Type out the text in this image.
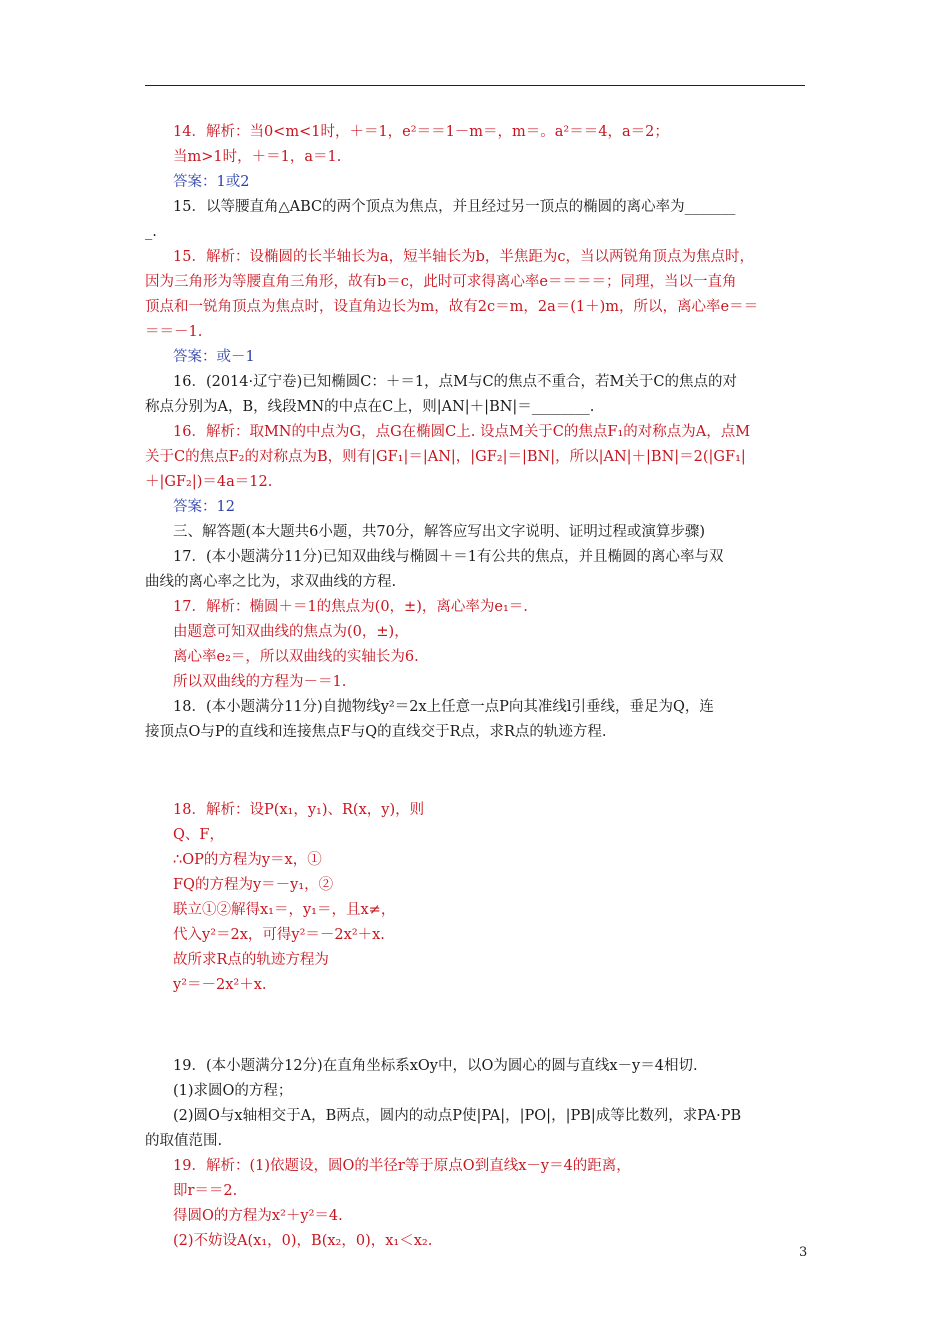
14．解析：当0<m<1时，＋＝1，e²＝＝1－m＝，m＝。a²＝＝4，a＝2；

当m>1时，＋＝1，a＝1.

答案：1或2

15．以等腰直角△ABC的两个顶点为焦点，并且经过另一顶点的椭圆的离心率为_______

_.

15．解析：设椭圆的长半轴长为a，短半轴长为b，半焦距为c，当以两锐角顶点为焦点时，

因为三角形为等腰直角三角形，故有b＝c，此时可求得离心率e＝＝＝＝；同理，当以一直角

顶点和一锐角顶点为焦点时，设直角边长为m，故有2c＝m，2a＝(1＋)m，所以，离心率e＝＝

＝＝－1.

答案：或－1

16．(2014·辽宁卷)已知椭圆C：＋＝1，点M与C的焦点不重合，若M关于C的焦点的对

称点分别为A，B，线段MN的中点在C上，则|AN|＋|BN|＝________.

16．解析：取MN的中点为G，点G在椭圆C上. 设点M关于C的焦点F₁的对称点为A，点M

关于C的焦点F₂的对称点为B，则有|GF₁|＝|AN|，|GF₂|＝|BN|，所以|AN|＋|BN|＝2(|GF₁|

＋|GF₂|)＝4a＝12.

答案：12

三、解答题(本大题共6小题，共70分，解答应写出文字说明、证明过程或演算步骤)

17．(本小题满分11分)已知双曲线与椭圆＋＝1有公共的焦点，并且椭圆的离心率与双

曲线的离心率之比为，求双曲线的方程.

17．解析：椭圆＋＝1的焦点为(0，±)，离心率为e₁＝.

由题意可知双曲线的焦点为(0，±)，

离心率e₂＝，所以双曲线的实轴长为6.

所以双曲线的方程为－＝1.

18．(本小题满分11分)自抛物线y²＝2x上任意一点P向其准线l引垂线，垂足为Q，连

接顶点O与P的直线和连接焦点F与Q的直线交于R点，求R点的轨迹方程.

18．解析：设P(x₁，y₁)、R(x，y)，则

Q、F，

∴OP的方程为y＝x，①

FQ的方程为y＝－y₁，②

联立①②解得x₁＝，y₁＝，且x≠，

代入y²＝2x，可得y²＝－2x²＋x.

故所求R点的轨迹方程为

y²＝－2x²＋x.

19．(本小题满分12分)在直角坐标系xOy中，以O为圆心的圆与直线x－y＝4相切.

(1)求圆O的方程；

(2)圆O与x轴相交于A，B两点，圆内的动点P使|PA|，|PO|，|PB|成等比数列，求PA·PB

的取值范围.

19．解析：(1)依题设，圆O的半径r等于原点O到直线x－y＝4的距离，

即r＝＝2.

得圆O的方程为x²＋y²＝4.

(2)不妨设A(x₁，0)，B(x₂，0)，x₁＜x₂.

3
